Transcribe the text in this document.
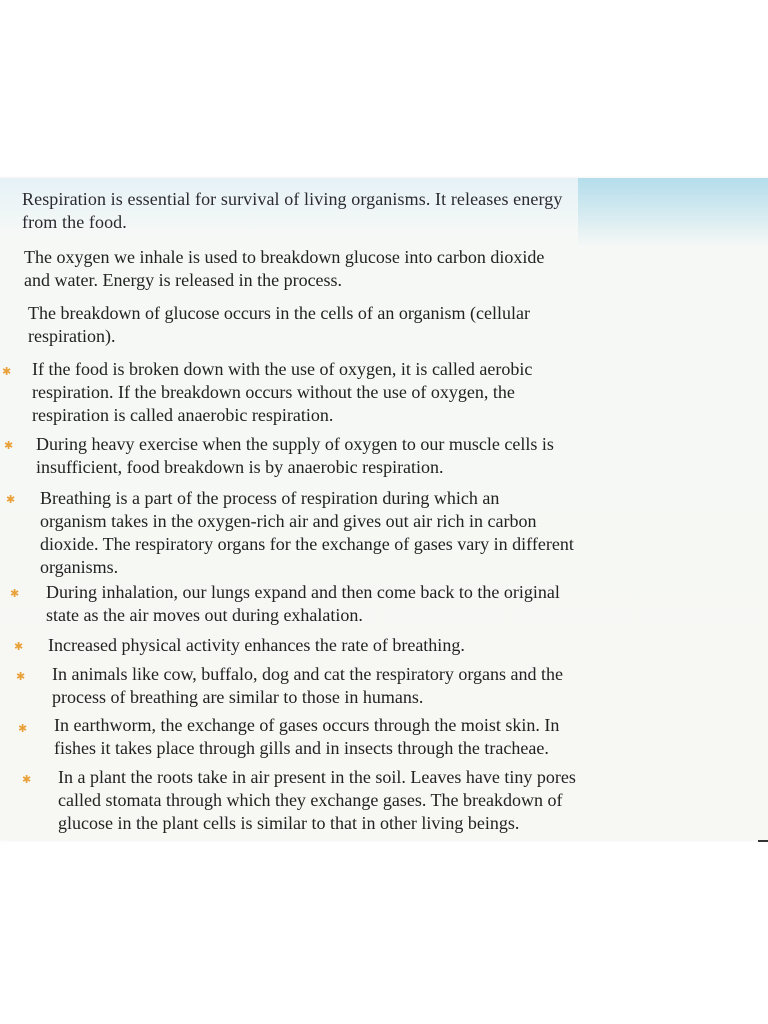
Respiration is essential for survival of living organisms. It releases energy
from the food.
The oxygen we inhale is used to breakdown glucose into carbon dioxide
and water. Energy is released in the process.
The breakdown of glucose occurs in the cells of an organism (cellular
respiration).
If the food is broken down with the use of oxygen, it is called aerobic
respiration. If the breakdown occurs without the use of oxygen, the
respiration is called anaerobic respiration.
During heavy exercise when the supply of oxygen to our muscle cells is
insufficient, food breakdown is by anaerobic respiration.
Breathing is a part of the process of respiration during which an
organism takes in the oxygen-rich air and gives out air rich in carbon
dioxide. The respiratory organs for the exchange of gases vary in different
organisms.
During inhalation, our lungs expand and then come back to the original
state as the air moves out during exhalation.
Increased physical activity enhances the rate of breathing.
In animals like cow, buffalo, dog and cat the respiratory organs and the
process of breathing are similar to those in humans.
In earthworm, the exchange of gases occurs through the moist skin. In
fishes it takes place through gills and in insects through the tracheae.
In a plant the roots take in air present in the soil. Leaves have tiny pores
called stomata through which they exchange gases. The breakdown of
glucose in the plant cells is similar to that in other living beings.
✱
✱
✱
✱
✱
✱
✱
✱
